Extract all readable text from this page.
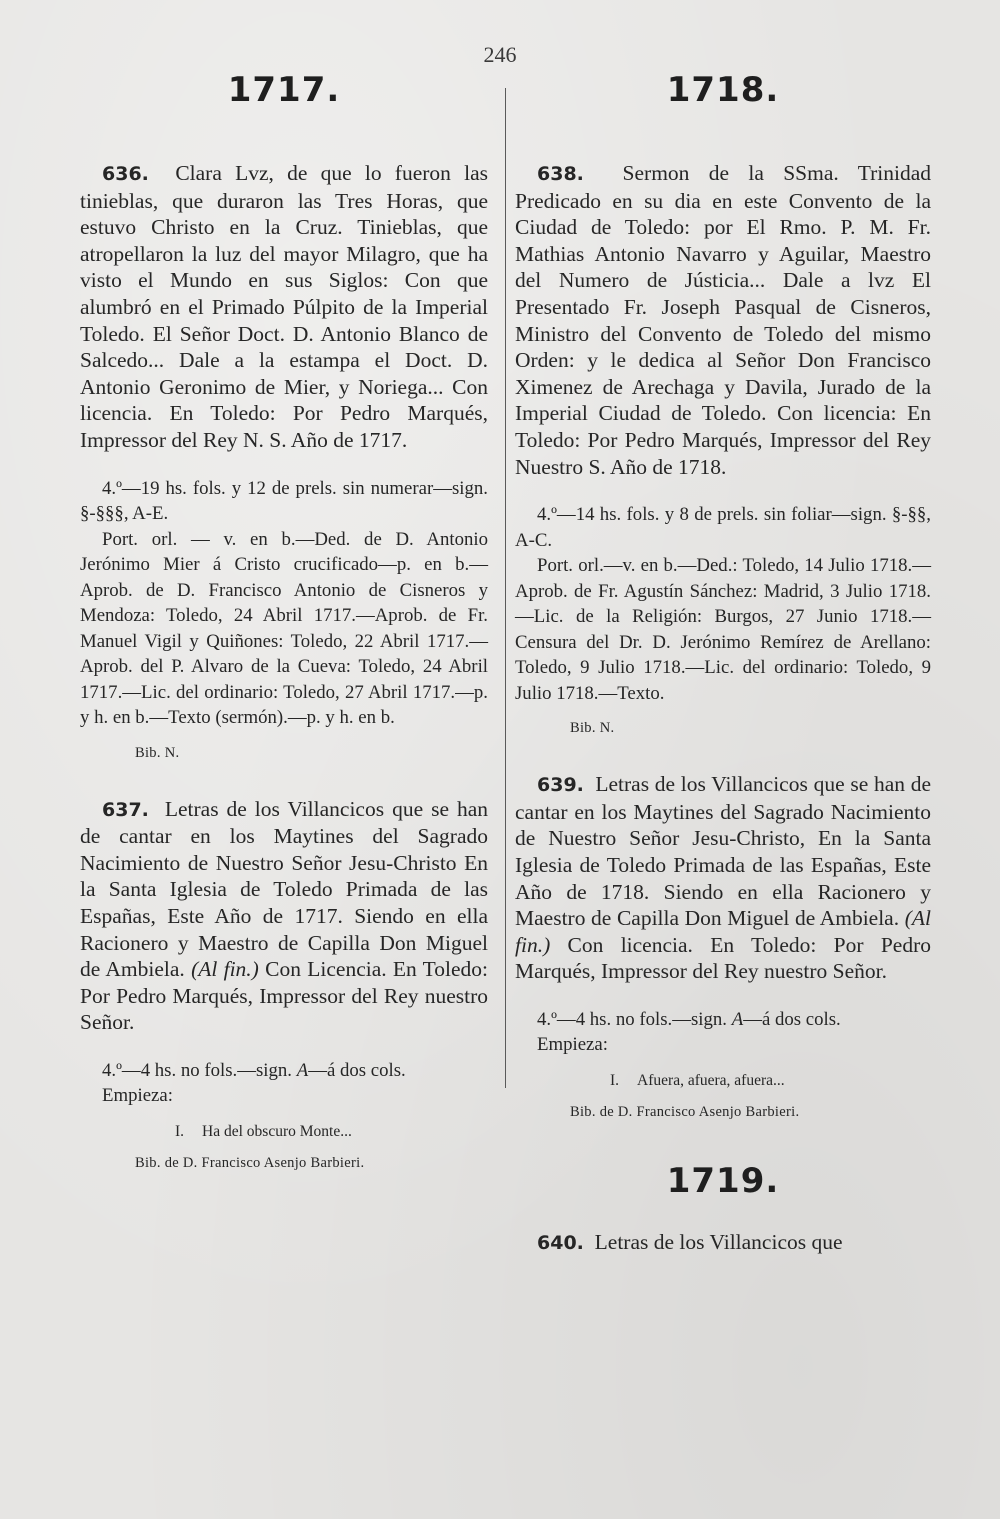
246
1717.

636. Clara Lvz, de que lo fueron las tinieblas, que duraron las Tres Horas, que estuvo Christo en la Cruz. Tinieblas, que atropellaron la luz del mayor Milagro, que ha visto el Mundo en sus Siglos: Con que alumbró en el Primado Púlpito de la Imperial Toledo. El Señor Doct. D. Antonio Blanco de Salcedo... Dale a la estampa el Doct. D. Antonio Geronimo de Mier, y Noriega... Con licencia. En Toledo: Por Pedro Marqués, Impressor del Rey N. S. Año de 1717.

4.º—19 hs. fols. y 12 de prels. sin numerar—sign. §-§§§, A-E.

Port. orl. — v. en b.—Ded. de D. Antonio Jerónimo Mier á Cristo crucificado—p. en b.—Aprob. de D. Francisco Antonio de Cisneros y Mendoza: Toledo, 24 Abril 1717.—Aprob. de Fr. Manuel Vigil y Quiñones: Toledo, 22 Abril 1717.—Aprob. del P. Alvaro de la Cueva: Toledo, 24 Abril 1717.—Lic. del ordinario: Toledo, 27 Abril 1717.—p. y h. en b.—Texto (sermón).—p. y h. en b.

Bib. N.

637. Letras de los Villancicos que se han de cantar en los Maytines del Sagrado Nacimiento de Nuestro Señor Jesu-Christo En la Santa Iglesia de Toledo Primada de las Españas, Este Año de 1717. Siendo en ella Racionero y Maestro de Capilla Don Miguel de Ambiela. (Al fin.) Con Licencia. En Toledo: Por Pedro Marqués, Impressor del Rey nuestro Señor.

4.º—4 hs. no fols.—sign. A—á dos cols.

Empieza:

I. Ha del obscuro Monte...

Bib. de D. Francisco Asenjo Barbieri.

1718.

638. Sermon de la SSma. Trinidad Predicado en su dia en este Convento de la Ciudad de Toledo: por El Rmo. P. M. Fr. Mathias Antonio Navarro y Aguilar, Maestro del Numero de Jústicia... Dale a lvz El Presentado Fr. Joseph Pasqual de Cisneros, Ministro del Convento de Toledo del mismo Orden: y le dedica al Señor Don Francisco Ximenez de Arechaga y Davila, Jurado de la Imperial Ciudad de Toledo. Con licencia: En Toledo: Por Pedro Marqués, Impressor del Rey Nuestro S. Año de 1718.

4.º—14 hs. fols. y 8 de prels. sin foliar—sign. §-§§, A-C.

Port. orl.—v. en b.—Ded.: Toledo, 14 Julio 1718.—Aprob. de Fr. Agustín Sánchez: Madrid, 3 Julio 1718.—Lic. de la Religión: Burgos, 27 Junio 1718.—Censura del Dr. D. Jerónimo Remírez de Arellano: Toledo, 9 Julio 1718.—Lic. del ordinario: Toledo, 9 Julio 1718.—Texto.

Bib. N.

639. Letras de los Villancicos que se han de cantar en los Maytines del Sagrado Nacimiento de Nuestro Señor Jesu-Christo, En la Santa Iglesia de Toledo Primada de las Españas, Este Año de 1718. Siendo en ella Racionero y Maestro de Capilla Don Miguel de Ambiela. (Al fin.) Con licencia. En Toledo: Por Pedro Marqués, Impressor del Rey nuestro Señor.

4.º—4 hs. no fols.—sign. A—á dos cols.

Empieza:

I. Afuera, afuera, afuera...

Bib. de D. Francisco Asenjo Barbieri.

1719.

640. Letras de los Villancicos que
